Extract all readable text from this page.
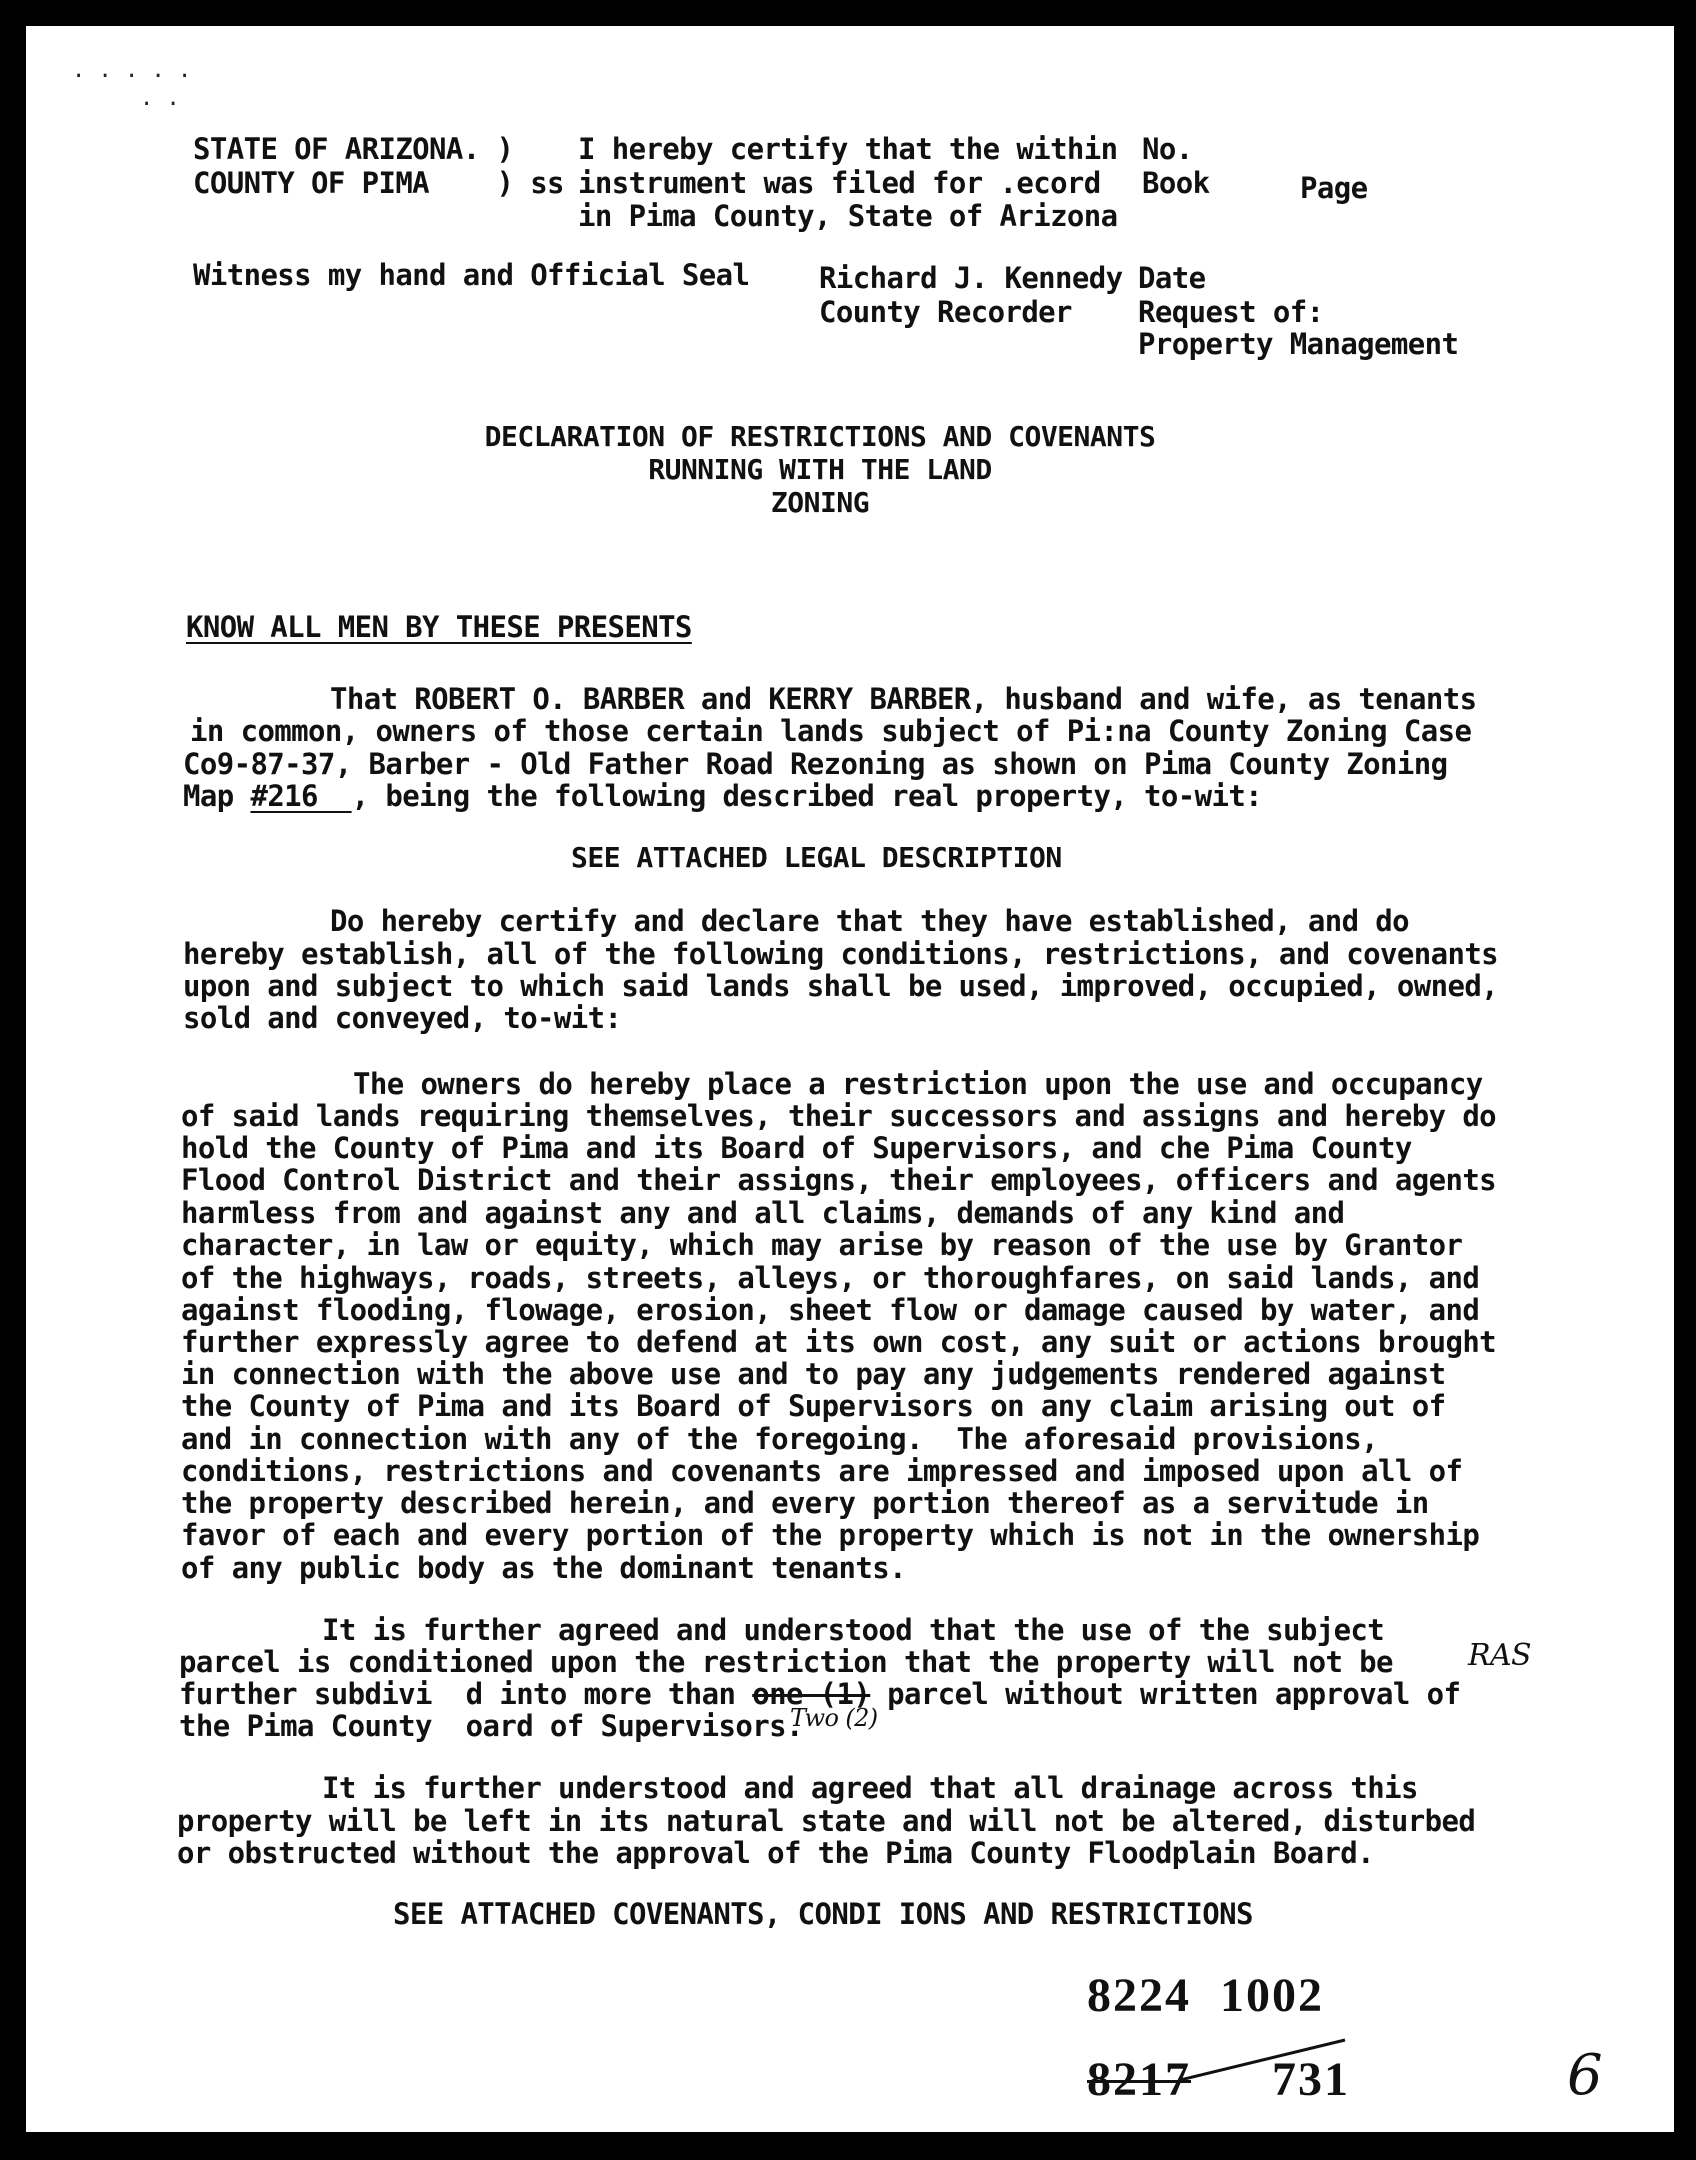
· · · · ·
· ·
STATE OF ARIZONA. )
COUNTY OF PIMA    ) ss
I hereby certify that the within
instrument was filed for .ecord
in Pima County, State of Arizona
No.
Book	Page
Witness my hand and Official Seal Richard J. Kennedy
County Recorder
Date
Request of:
Property Management
DECLARATION OF RESTRICTIONS AND COVENANTS
RUNNING WITH THE LAND
ZONING
KNOW ALL MEN BY THESE PRESENTS
That ROBERT O. BARBER and KERRY BARBER, husband and wife, as tenants
in common, owners of those certain lands subject of Pi:na County Zoning Case
Co9-87-37, Barber - Old Father Road Rezoning as shown on Pima County Zoning
Map #216  , being the following described real property, to-wit:
SEE ATTACHED LEGAL DESCRIPTION
Do hereby certify and declare that they have established, and do
hereby establish, all of the following conditions, restrictions, and covenants
upon and subject to which said lands shall be used, improved, occupied, owned,
sold and conveyed, to-wit:
The owners do hereby place a restriction upon the use and occupancy
of said lands requiring themselves, their successors and assigns and hereby do
hold the County of Pima and its Board of Supervisors, and che Pima County
Flood Control District and their assigns, their employees, officers and agents
harmless from and against any and all claims, demands of any kind and
character, in law or equity, which may arise by reason of the use by Grantor
of the highways, roads, streets, alleys, or thoroughfares, on said lands, and
against flooding, flowage, erosion, sheet flow or damage caused by water, and
further expressly agree to defend at its own cost, any suit or actions brought
in connection with the above use and to pay any judgements rendered against
the County of Pima and its Board of Supervisors on any claim arising out of
and in connection with any of the foregoing.  The aforesaid provisions,
conditions, restrictions and covenants are impressed and imposed upon all of
the property described herein, and every portion thereof as a servitude in
favor of each and every portion of the property which is not in the ownership
of any public body as the dominant tenants.
It is further agreed and understood that the use of the subject
parcel is conditioned upon the restriction that the property will not be
further subdivi  d into more than one (1) parcel without written approval of
the Pima County  oard of Supervisors.
Two (2)
RAS
It is further understood and agreed that all drainage across this
property will be left in its natural state and will not be altered, disturbed
or obstructed without the approval of the Pima County Floodplain Board.
SEE ATTACHED COVENANTS, CONDI IONS AND RESTRICTIONS
8224 1002
8217 731	6
